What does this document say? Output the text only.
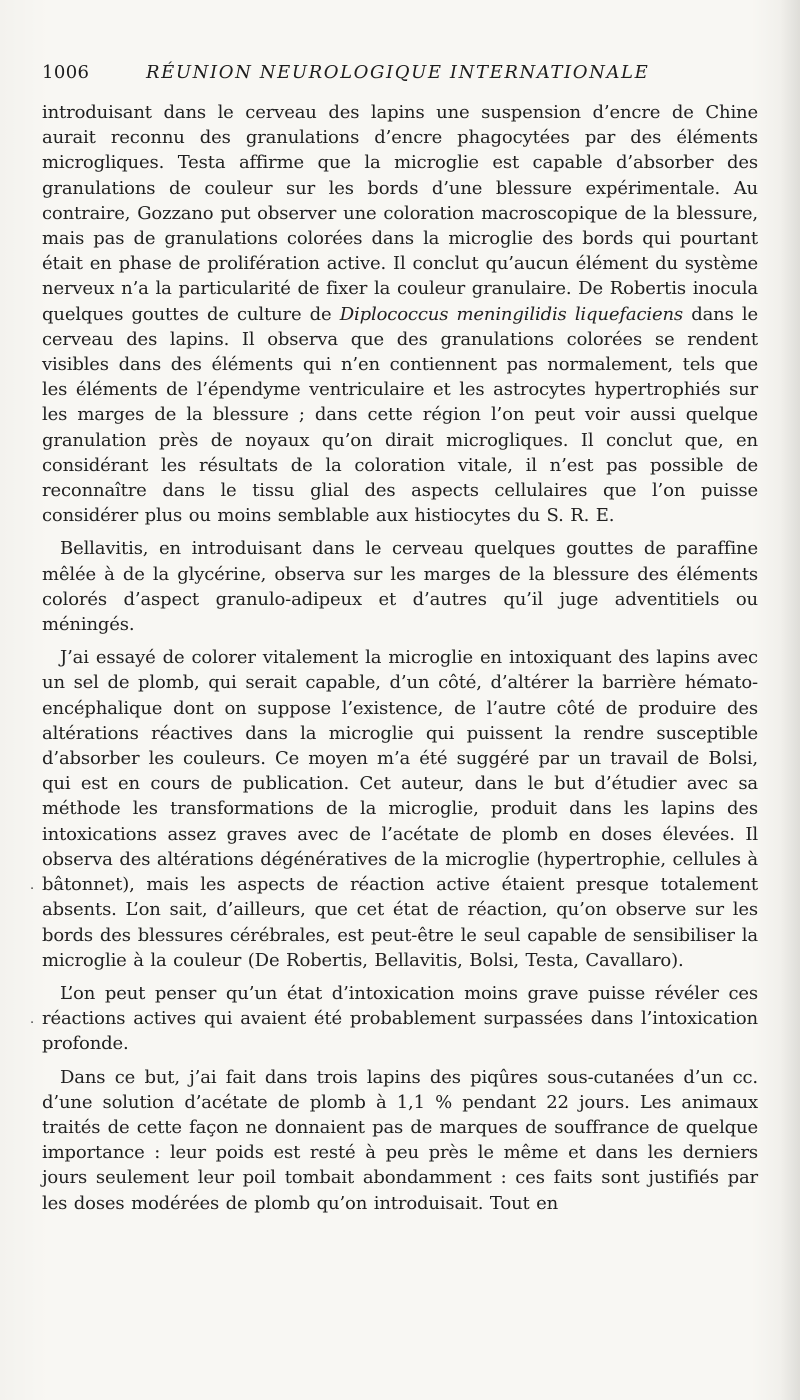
1006	RÉUNION NEUROLOGIQUE INTERNATIONALE

introduisant dans le cerveau des lapins une suspension d’encre de Chine aurait reconnu des granulations d’encre phagocytées par des éléments microgliques. Testa affirme que la microglie est capable d’absorber des granulations de couleur sur les bords d’une blessure expérimentale. Au contraire, Gozzano put observer une coloration macroscopique de la blessure, mais pas de granulations colorées dans la microglie des bords qui pourtant était en phase de prolifération active. Il conclut qu’aucun élément du système nerveux n’a la particularité de fixer la couleur granulaire. De Robertis inocula quelques gouttes de culture de Diplococcus meningilidis liquefaciens dans le cerveau des lapins. Il observa que des granulations colorées se rendent visibles dans des éléments qui n’en contiennent pas normalement, tels que les éléments de l’épendyme ventriculaire et les astrocytes hypertrophiés sur les marges de la blessure ; dans cette région l’on peut voir aussi quelque granulation près de noyaux qu’on dirait microgliques. Il conclut que, en considérant les résultats de la coloration vitale, il n’est pas possible de reconnaître dans le tissu glial des aspects cellulaires que l’on puisse considérer plus ou moins semblable aux histiocytes du S. R. E.

Bellavitis, en introduisant dans le cerveau quelques gouttes de paraffine mêlée à de la glycérine, observa sur les marges de la blessure des éléments colorés d’aspect granulo-adipeux et d’autres qu’il juge adventitiels ou méningés.

J’ai essayé de colorer vitalement la microglie en intoxiquant des lapins avec un sel de plomb, qui serait capable, d’un côté, d’altérer la barrière hémato-encéphalique dont on suppose l’existence, de l’autre côté de produire des altérations réactives dans la microglie qui puissent la rendre susceptible d’absorber les couleurs. Ce moyen m’a été suggéré par un travail de Bolsi, qui est en cours de publication. Cet auteur, dans le but d’étudier avec sa méthode les transformations de la microglie, produit dans les lapins des intoxications assez graves avec de l’acétate de plomb en doses élevées. Il observa des altérations dégénératives de la microglie (hypertrophie, cellules à bâtonnet), mais les aspects de réaction active étaient presque totalement absents. L’on sait, d’ailleurs, que cet état de réaction, qu’on observe sur les bords des blessures cérébrales, est peut-être le seul capable de sensibiliser la microglie à la couleur (De Robertis, Bellavitis, Bolsi, Testa, Cavallaro).

L’on peut penser qu’un état d’intoxication moins grave puisse révéler ces réactions actives qui avaient été probablement surpassées dans l’intoxication profonde.

Dans ce but, j’ai fait dans trois lapins des piqûres sous-cutanées d’un cc. d’une solution d’acétate de plomb à 1,1 % pendant 22 jours. Les animaux traités de cette façon ne donnaient pas de marques de souffrance de quelque importance : leur poids est resté à peu près le même et dans les derniers jours seulement leur poil tombait abondamment : ces faits sont justifiés par les doses modérées de plomb qu’on introduisait. Tout en

·
·
